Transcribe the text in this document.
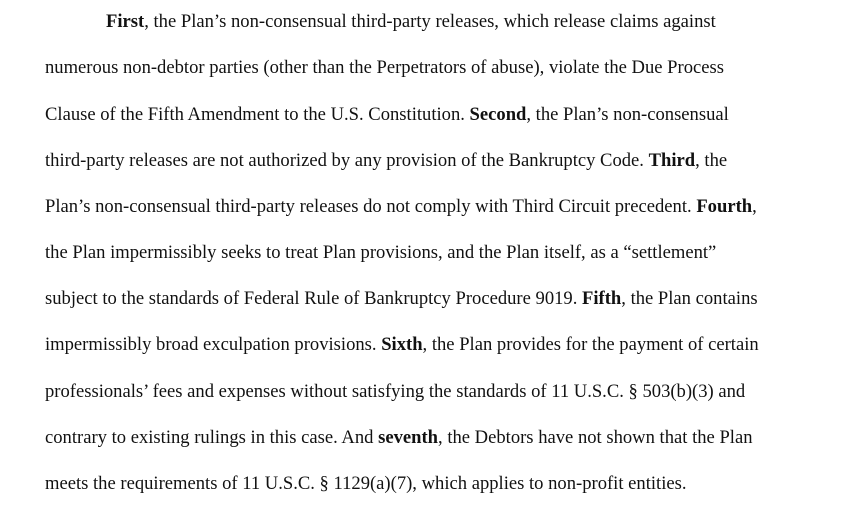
First, the Plan’s non-consensual third-party releases, which release claims against
numerous non-debtor parties (other than the Perpetrators of abuse), violate the Due Process
Clause of the Fifth Amendment to the U.S. Constitution. Second, the Plan’s non-consensual
third-party releases are not authorized by any provision of the Bankruptcy Code. Third, the
Plan’s non-consensual third-party releases do not comply with Third Circuit precedent. Fourth,
the Plan impermissibly seeks to treat Plan provisions, and the Plan itself, as a “settlement”
subject to the standards of Federal Rule of Bankruptcy Procedure 9019. Fifth, the Plan contains
impermissibly broad exculpation provisions. Sixth, the Plan provides for the payment of certain
professionals’ fees and expenses without satisfying the standards of 11 U.S.C. § 503(b)(3) and
contrary to existing rulings in this case. And seventh, the Debtors have not shown that the Plan
meets the requirements of 11 U.S.C. § 1129(a)(7), which applies to non-profit entities.
